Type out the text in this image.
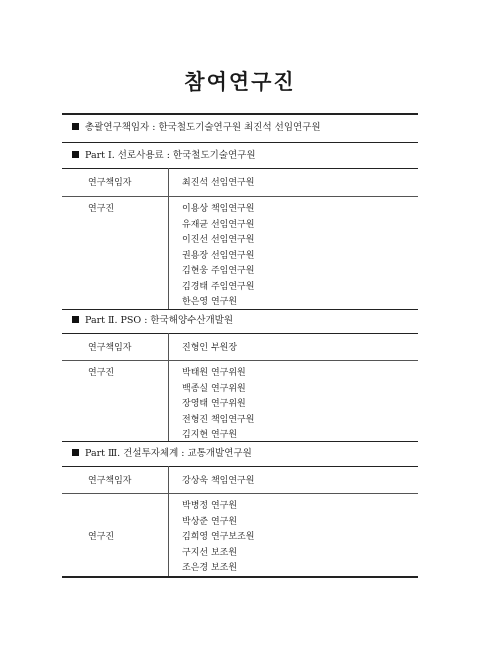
참여연구진
총괄연구책임자 : 한국철도기술연구원 최진석 선임연구원
Part Ⅰ. 선로사용료 : 한국철도기술연구원
연구책임자	최진석 선임연구원
연구진	이용상 책임연구원
유재균 선임연구원
이진선 선임연구원
권용장 선임연구원
김현웅 주임연구원
김경태 주임연구원
한은영 연구원
Part Ⅱ. PSO : 한국해양수산개발원
연구책임자	진형인 부원장
연구진	박태원 연구위원
백종실 연구위원
장영태 연구위원
전형진 책임연구원
김지현 연구원
Part Ⅲ. 건설투자체계 : 교통개발연구원
연구책임자	강상욱 책임연구원
연구진
박병정 연구원
박상준 연구원
김희영 연구보조원
구지선 보조원
조은경 보조원
